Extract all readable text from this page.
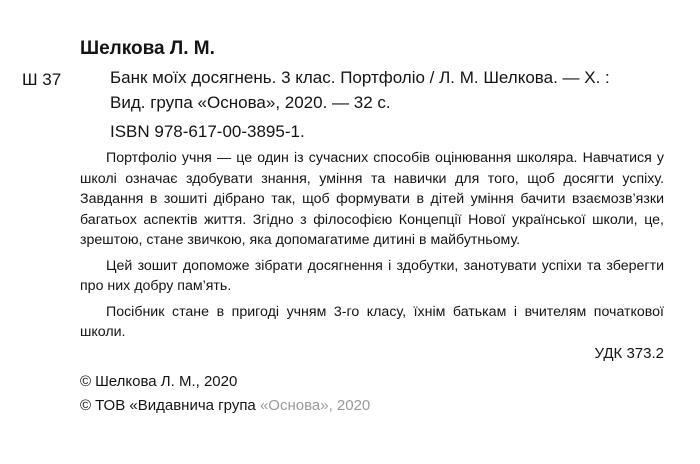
Шелкова Л. М.
Ш 37	Банк моїх досягнень. 3 клас. Портфоліо / Л. М. Шелкова. — Х. :
Вид. група «Основа», 2020. — 32 с.
ISBN 978-617-00-3895-1.

Портфоліо учня — це один із сучасних способів оцінювання школяра. Навчатися у школі означає здобувати знання, уміння та навички для того, щоб досягти успіху. Завдання в зошиті дібрано так, щоб формувати в дітей уміння бачити взаємозв’язки багатьох аспектів життя. Згідно з філософією Концепції Нової української школи, це, зрештою, стане звичкою, яка допомагатиме дитині в майбутньому.

Цей зошит допоможе зібрати досягнення і здобутки, занотувати успіхи та зберегти про них добру пам’ять.

Посібник стане в пригоді учням 3-го класу, їхнім батькам і вчителям початкової школи.

УДК 373.2
© Шелкова Л. М., 2020
© ТОВ «Видавнича група «Основа», 2020
